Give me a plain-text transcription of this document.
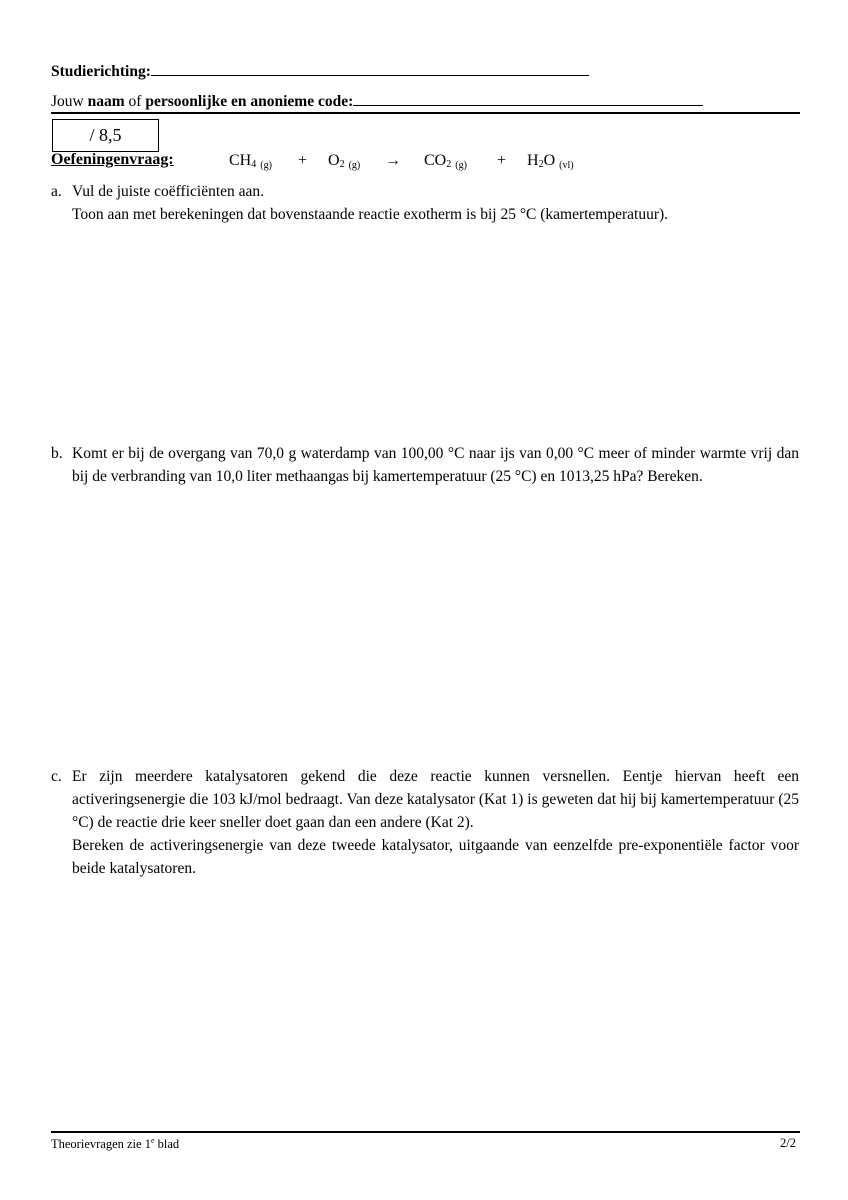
Studierichting:
Jouw naam of persoonlijke en anonieme code:
/ 8,5
Oefeningenvraag:	$CH_4$ $(g) + O_2$ $(g) \to CO_2$ $(g) + H_2O$ (vl)
a. Vul de juiste coëfficiënten aan.

Toon aan met berekeningen dat bovenstaande reactie exotherm is bij 25 °C (kamertemperatuur).

b. Komt er bij de overgang van 70,0 g waterdamp van 100,00 °C naar ijs van 0,00 °C meer of minder warmte vrij dan bij de verbranding van 10,0 liter methaangas bij kamertemperatuur (25 °C) en 1013,25 hPa? Bereken.

c. Er zijn meerdere katalysatoren gekend die deze reactie kunnen versnellen. Eentje hiervan heeft een activeringsenergie die 103 kJ/mol bedraagt. Van deze katalysator (Kat 1) is geweten dat hij bij kamertemperatuur (25 °C) de reactie drie keer sneller doet gaan dan een andere (Kat 2).

Bereken de activeringsenergie van deze tweede katalysator, uitgaande van eenzelfde pre-exponentiële factor voor beide katalysatoren.

Theorievragen zie 1e blad	2/2
